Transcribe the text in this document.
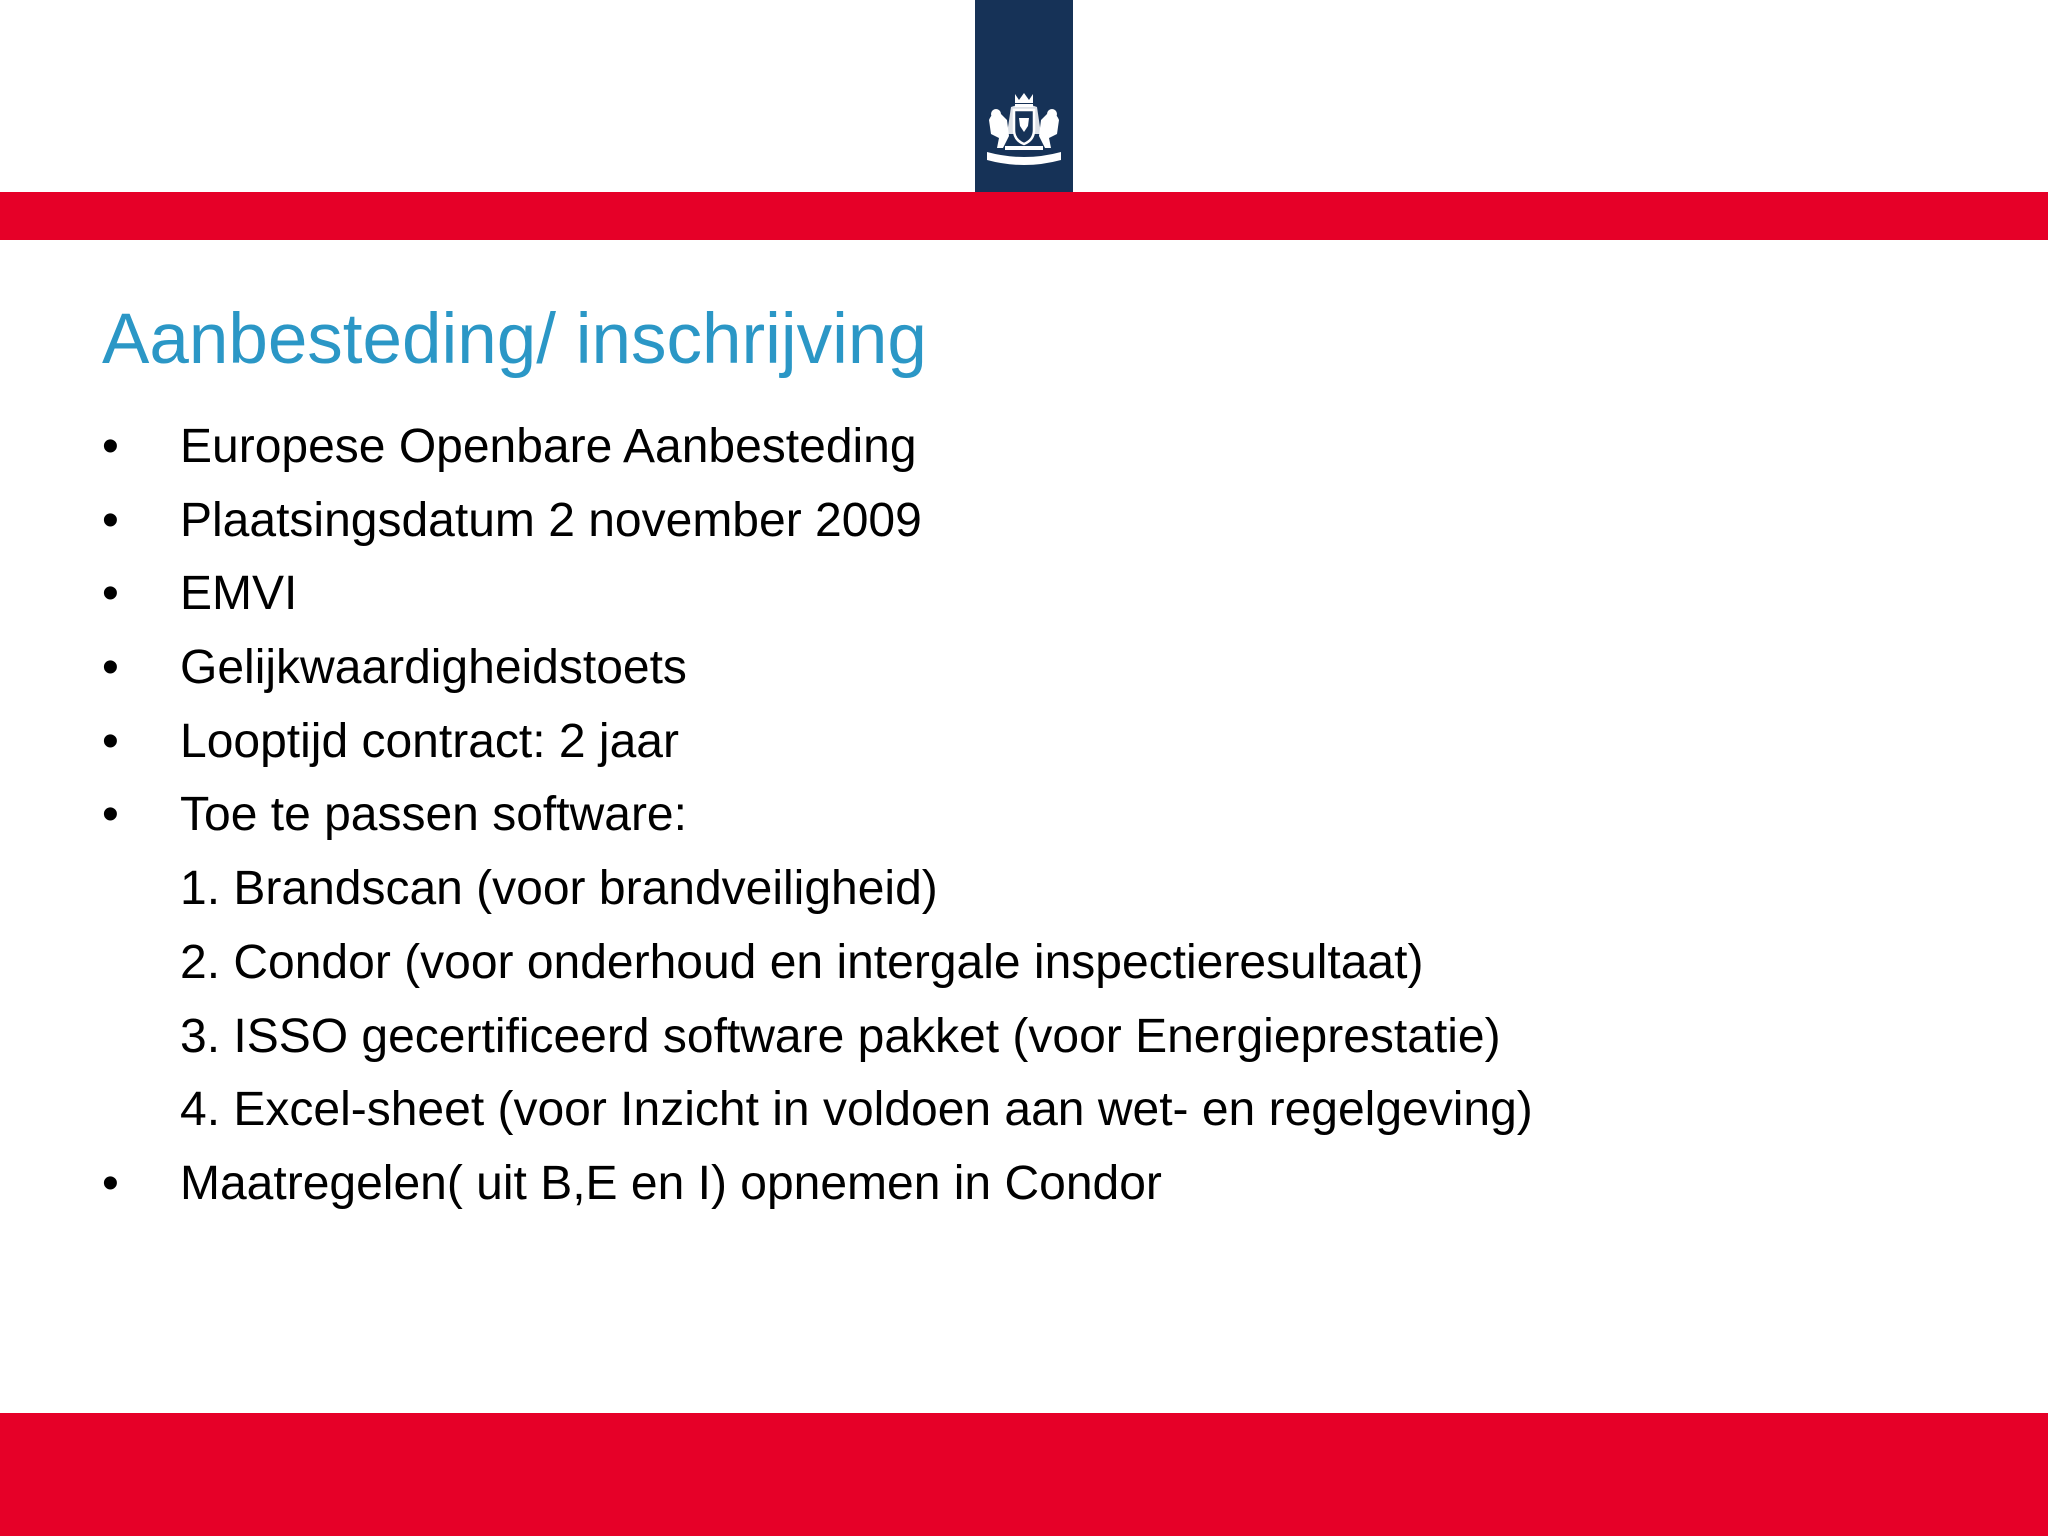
Aanbesteding/ inschrijving
•	Europese Openbare Aanbesteding
•	Plaatsingsdatum 2 november 2009
•	EMVI
•	Gelijkwaardigheidstoets
•	Looptijd contract: 2 jaar
•	Toe te passen software:
1. Brandscan (voor brandveiligheid)
2. Condor (voor onderhoud en intergale inspectieresultaat)
3. ISSO gecertificeerd software pakket (voor Energieprestatie)
4. Excel-sheet (voor Inzicht in voldoen aan wet- en regelgeving)
•	Maatregelen( uit B,E en I) opnemen in Condor
